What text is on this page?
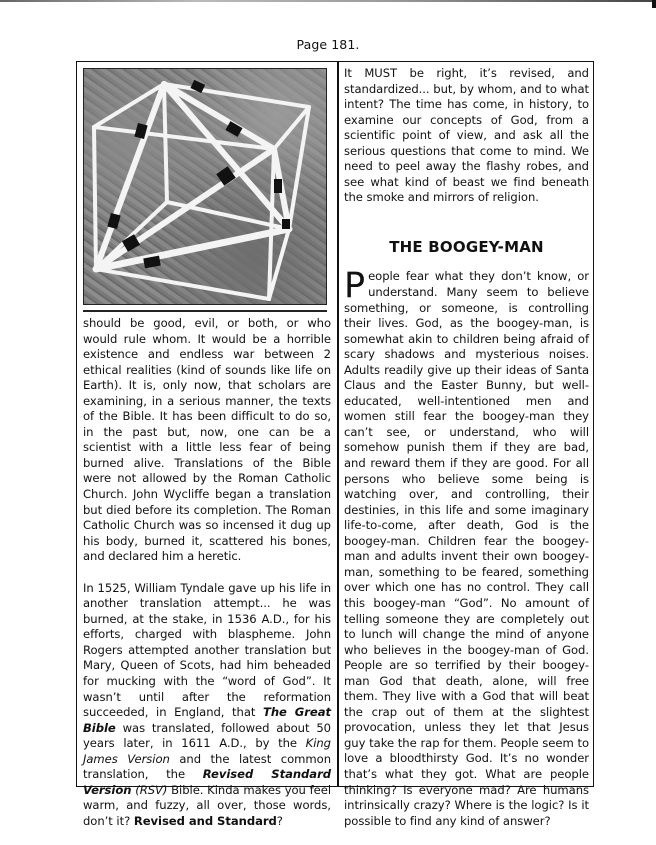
Page 181.

should be good, evil, or both, or who would rule whom. It would be a horrible existence and endless war between 2 ethical realities (kind of sounds like life on Earth). It is, only now, that scholars are examining, in a serious manner, the texts of the Bible. It has been difficult to do so, in the past but, now, one can be a scientist with a little less fear of being burned alive. Translations of the Bible were not allowed by the Roman Catholic Church. John Wycliffe began a translation but died before its completion. The Roman Catholic Church was so incensed it dug up his body, burned it, scattered his bones, and declared him a heretic.

In 1525, William Tyndale gave up his life in another translation attempt... he was burned, at the stake, in 1536 A.D., for his efforts, charged with blaspheme. John Rogers attempted another translation but Mary, Queen of Scots, had him beheaded for mucking with the “word of God”. It wasn’t until after the reformation succeeded, in England, that The Great Bible was translated, followed about 50 years later, in 1611 A.D., by the King James Version and the latest common translation, the Revised Standard Version (RSV) Bible. Kinda makes you feel warm, and fuzzy, all over, those words, don’t it? Revised and Standard?

It MUST be right, it’s revised, and standardized... but, by whom, and to what intent? The time has come, in history, to examine our concepts of God, from a scientific point of view, and ask all the serious questions that come to mind. We need to peel away the flashy robes, and see what kind of beast we find beneath the smoke and mirrors of religion.

THE BOOGEY-MAN

People fear what they don’t know, or understand. Many seem to believe something, or someone, is controlling their lives. God, as the boogey-man, is somewhat akin to children being afraid of scary shadows and mysterious noises. Adults readily give up their ideas of Santa Claus and the Easter Bunny, but well-educated, well-intentioned men and women still fear the boogey-man they can’t see, or understand, who will somehow punish them if they are bad, and reward them if they are good. For all persons who believe some being is watching over, and controlling, their destinies, in this life and some imaginary life-to-come, after death, God is the boogey-man. Children fear the boogey-man and adults invent their own boogey-man, something to be feared, something over which one has no control. They call this boogey-man “God”. No amount of telling someone they are completely out to lunch will change the mind of anyone who believes in the boogey-man of God. People are so terrified by their boogey-man God that death, alone, will free them. They live with a God that will beat the crap out of them at the slightest provocation, unless they let that Jesus guy take the rap for them. People seem to love a bloodthirsty God. It’s no wonder that’s what they got. What are people thinking? Is everyone mad? Are humans intrinsically crazy? Where is the logic? Is it possible to find any kind of answer?
